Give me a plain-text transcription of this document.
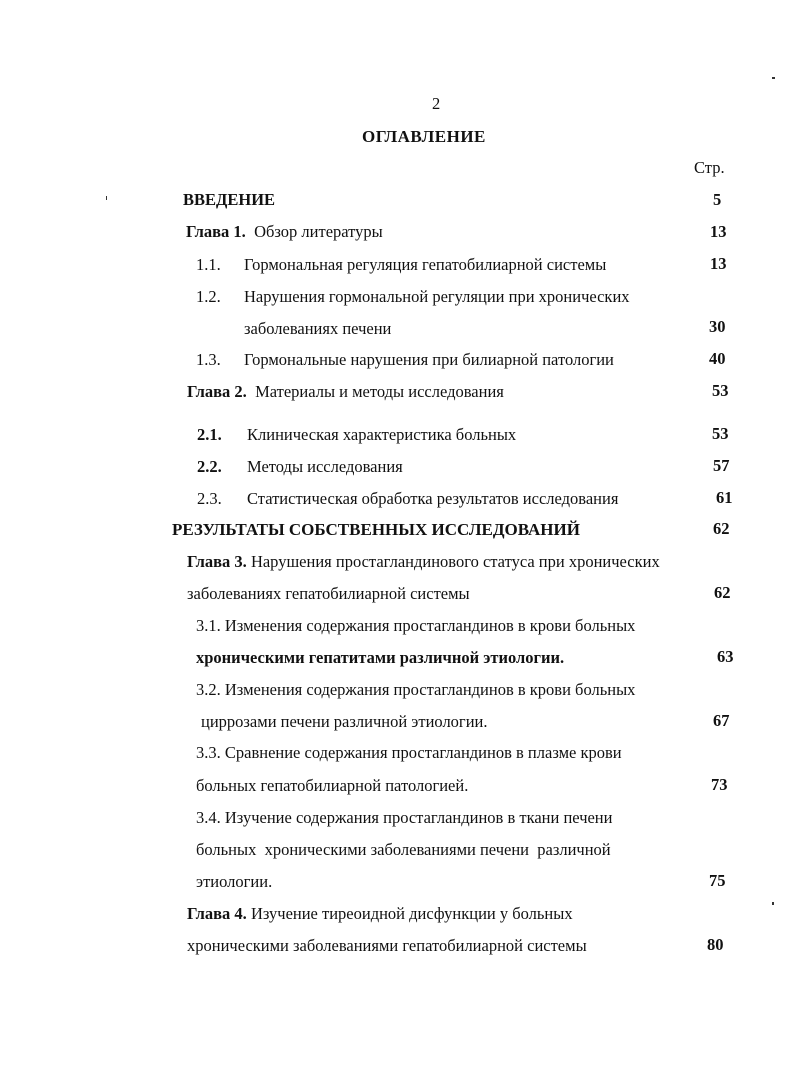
2
ОГЛАВЛЕНИЕ
Стр.
ВВЕДЕНИЕ	5
Глава 1. Обзор литературы	13
1.1. Гормональная регуляция гепатобилиарной системы	13
1.2. Нарушения гормональной регуляции при хронических
заболеваниях печени	30
1.3. Гормональные нарушения при билиарной патологии	40
Глава 2. Материалы и методы исследования	53
2.1. Клиническая характеристика больных	53
2.2. Методы исследования	57
2.3. Статистическая обработка результатов исследования	61
РЕЗУЛЬТАТЫ СОБСТВЕННЫХ ИССЛЕДОВАНИЙ	62
Глава 3. Нарушения простагландинового статуса при хронических
заболеваниях гепатобилиарной системы	62
3.1. Изменения содержания простагландинов в крови больных
хроническими гепатитами различной этиологии.	63
3.2. Изменения содержания простагландинов в крови больных
циррозами печени различной этиологии.	67
3.3. Сравнение содержания простагландинов в плазме крови
больных гепатобилиарной патологией.	73
3.4. Изучение содержания простагландинов в ткани печени
больных  хроническими заболеваниями печени  различной
этиологии.	75
Глава 4. Изучение тиреоидной дисфункции у больных
хроническими заболеваниями гепатобилиарной системы	80
